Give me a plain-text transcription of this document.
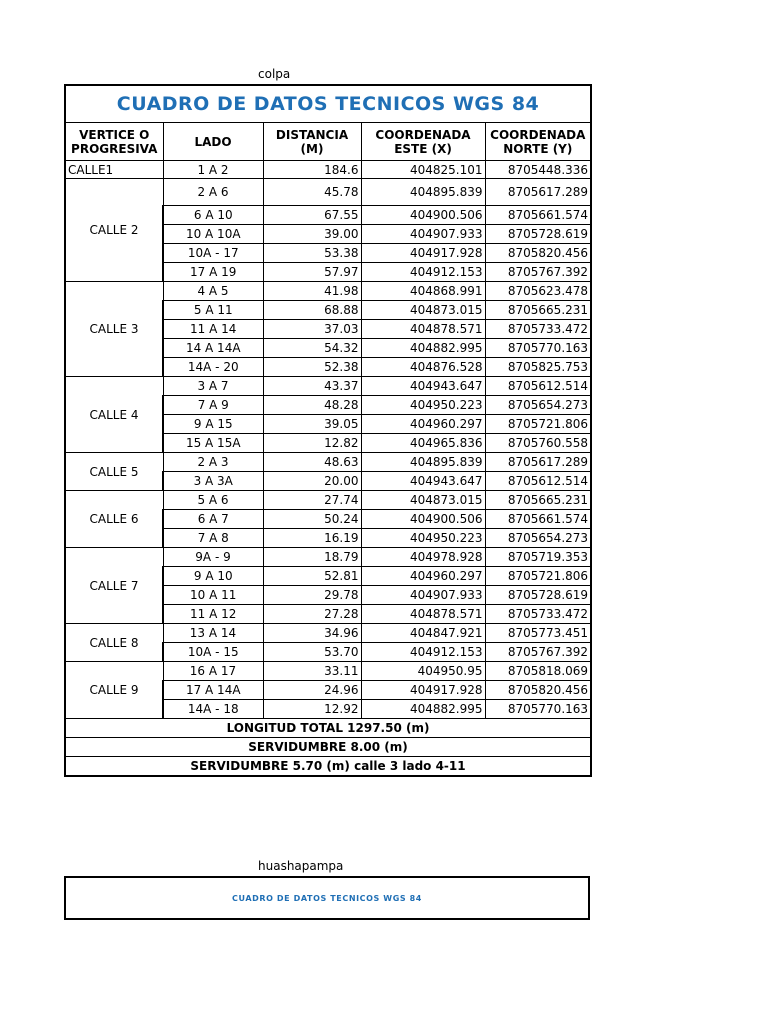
colpa
CUADRO DE DATOS TECNICOS WGS 84				
VERTICE O PROGRESIVA	LADO	DISTANCIA (M)	COORDENADA ESTE (X)	COORDENADA NORTE (Y)
CALLE1	1 A 2	184.6	404825.101	8705448.336
CALLE 2	2 A 6	45.78	404895.839	8705617.289
	6 A 10	67.55	404900.506	8705661.574
	10 A 10A	39.00	404907.933	8705728.619
	10A - 17	53.38	404917.928	8705820.456
	17 A 19	57.97	404912.153	8705767.392
CALLE 3	4 A 5	41.98	404868.991	8705623.478
	5 A 11	68.88	404873.015	8705665.231
	11 A 14	37.03	404878.571	8705733.472
	14 A 14A	54.32	404882.995	8705770.163
	14A - 20	52.38	404876.528	8705825.753
CALLE 4	3 A 7	43.37	404943.647	8705612.514
	7 A 9	48.28	404950.223	8705654.273
	9 A 15	39.05	404960.297	8705721.806
	15 A 15A	12.82	404965.836	8705760.558
CALLE 5	2 A 3	48.63	404895.839	8705617.289
	3 A 3A	20.00	404943.647	8705612.514
CALLE 6	5 A 6	27.74	404873.015	8705665.231
	6 A 7	50.24	404900.506	8705661.574
	7 A 8	16.19	404950.223	8705654.273
CALLE 7	9A - 9	18.79	404978.928	8705719.353
	9 A 10	52.81	404960.297	8705721.806
	10 A 11	29.78	404907.933	8705728.619
	11 A 12	27.28	404878.571	8705733.472
CALLE 8	13 A 14	34.96	404847.921	8705773.451
	10A - 15	53.70	404912.153	8705767.392
CALLE 9	16 A 17	33.11	404950.95	8705818.069
	17 A 14A	24.96	404917.928	8705820.456
	14A - 18	12.92	404882.995	8705770.163
LONGITUD TOTAL 1297.50 (m)				
SERVIDUMBRE 8.00 (m)				
SERVIDUMBRE 5.70 (m) calle 3 lado 4-11				
huashapampa
CUADRO DE DATOS TECNICOS WGS 84
